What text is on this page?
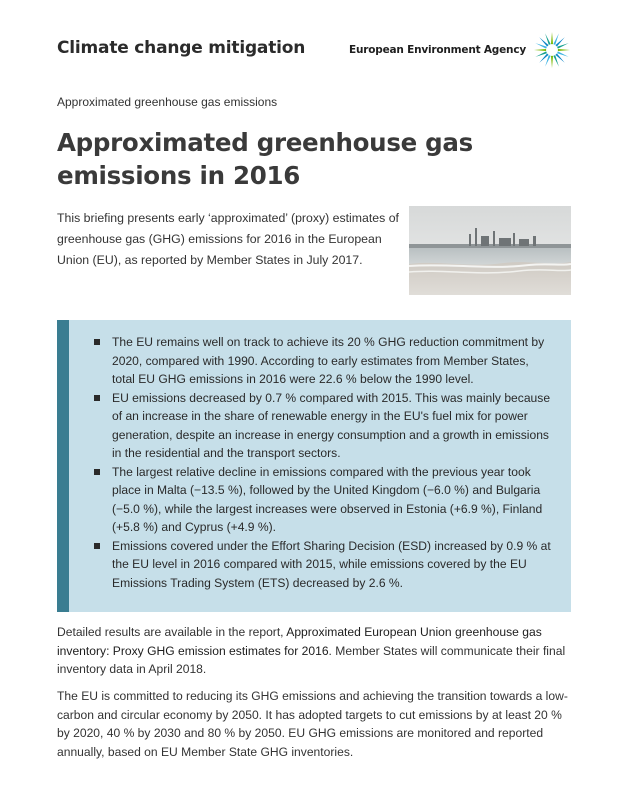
Climate change mitigation	European Environment Agency
Approximated greenhouse gas emissions
Approximated greenhouse gas emissions in 2016

This briefing presents early ‘approximated’ (proxy) estimates of greenhouse gas (GHG) emissions for 2016 in the European Union (EU), as reported by Member States in July 2017.

The EU remains well on track to achieve its 20 % GHG reduction commitment by 2020, compared with 1990. According to early estimates from Member States, total EU GHG emissions in 2016 were 22.6 % below the 1990 level.
EU emissions decreased by 0.7 % compared with 2015. This was mainly because of an increase in the share of renewable energy in the EU's fuel mix for power generation, despite an increase in energy consumption and a growth in emissions in the residential and the transport sectors.
The largest relative decline in emissions compared with the previous year took place in Malta (−13.5 %), followed by the United Kingdom (−6.0 %) and Bulgaria (−5.0 %), while the largest increases were observed in Estonia (+6.9 %), Finland (+5.8 %) and Cyprus (+4.9 %).
Emissions covered under the Effort Sharing Decision (ESD) increased by 0.9 % at the EU level in 2016 compared with 2015, while emissions covered by the EU Emissions Trading System (ETS) decreased by 2.6 %.

Detailed results are available in the report, Approximated European Union greenhouse gas inventory: Proxy GHG emission estimates for 2016. Member States will communicate their final inventory data in April 2018.

The EU is committed to reducing its GHG emissions and achieving the transition towards a low-carbon and circular economy by 2050. It has adopted targets to cut emissions by at least 20 % by 2020, 40 % by 2030 and 80 % by 2050. EU GHG emissions are monitored and reported annually, based on EU Member State GHG inventories.
